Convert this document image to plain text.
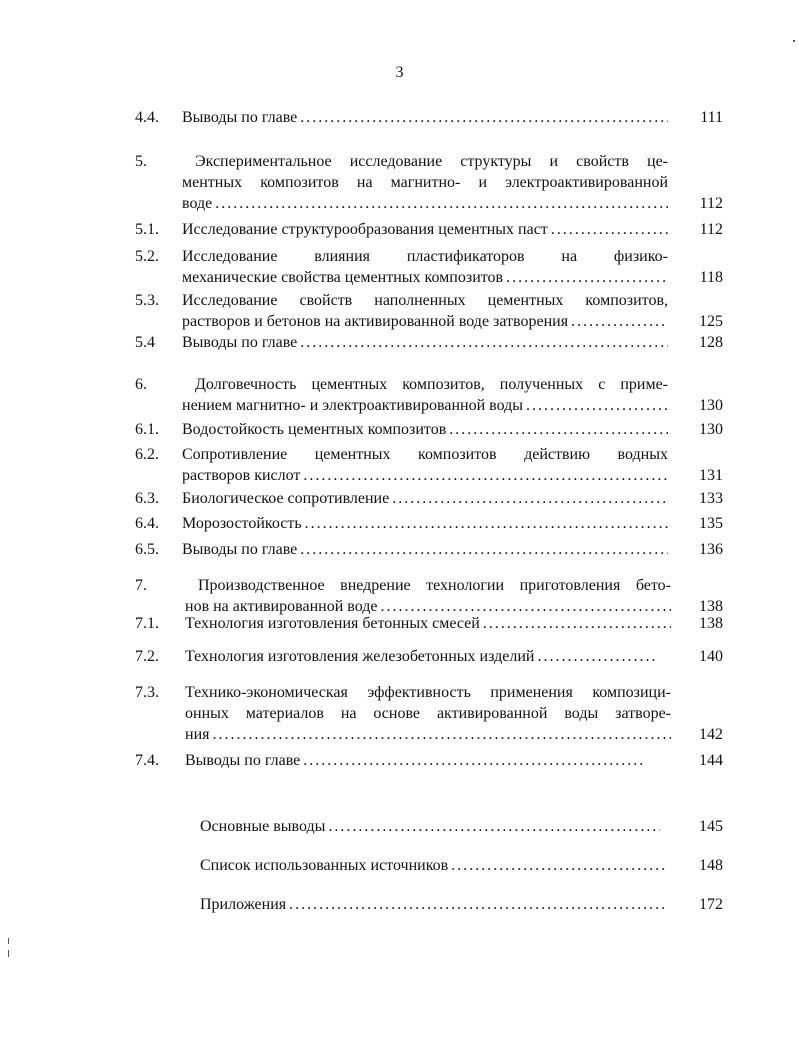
3
4.4. Выводы по главе . . .	111
5.	Экспериментальное исследование структуры и свойств це-
ментных композитов на магнитно- и электроактивированной
воде . . .	112
5.1. Исследование структурообразования цементных паст . . .	112
5.2. Исследование влияния пластификаторов на физико-
механические свойства цементных композитов . . .	118
5.3. Исследование свойств наполненных цементных композитов,
растворов и бетонов на активированной воде затворения . . .	125
5.4 Выводы по главе . . .	128
6.	Долговечность цементных композитов, полученных с приме-
нением магнитно- и электроактивированной воды . . .	130
6.1. Водостойкость цементных композитов . . .	130
6.2. Сопротивление цементных композитов действию водных
растворов кислот . . .	131
6.3. Биологическое сопротивление . . .	133
6.4. Морозостойкость . . .	135
6.5. Выводы по главе . . .	136
7.	Производственное внедрение технологии приготовления бето-
нов на активированной воде . . .	138
7.1. Технология изготовления бетонных смесей . . .	138
7.2. Технология изготовления железобетонных изделий . . .	140
7.3. Технико-экономическая эффективность применения композици-
онных материалов на основе активированной воды затворе-
ния . . .	142
7.4. Выводы по главе . . .	144
Основные выводы . . .	145
Список использованных источников . . .	148
Приложения . . .	172
